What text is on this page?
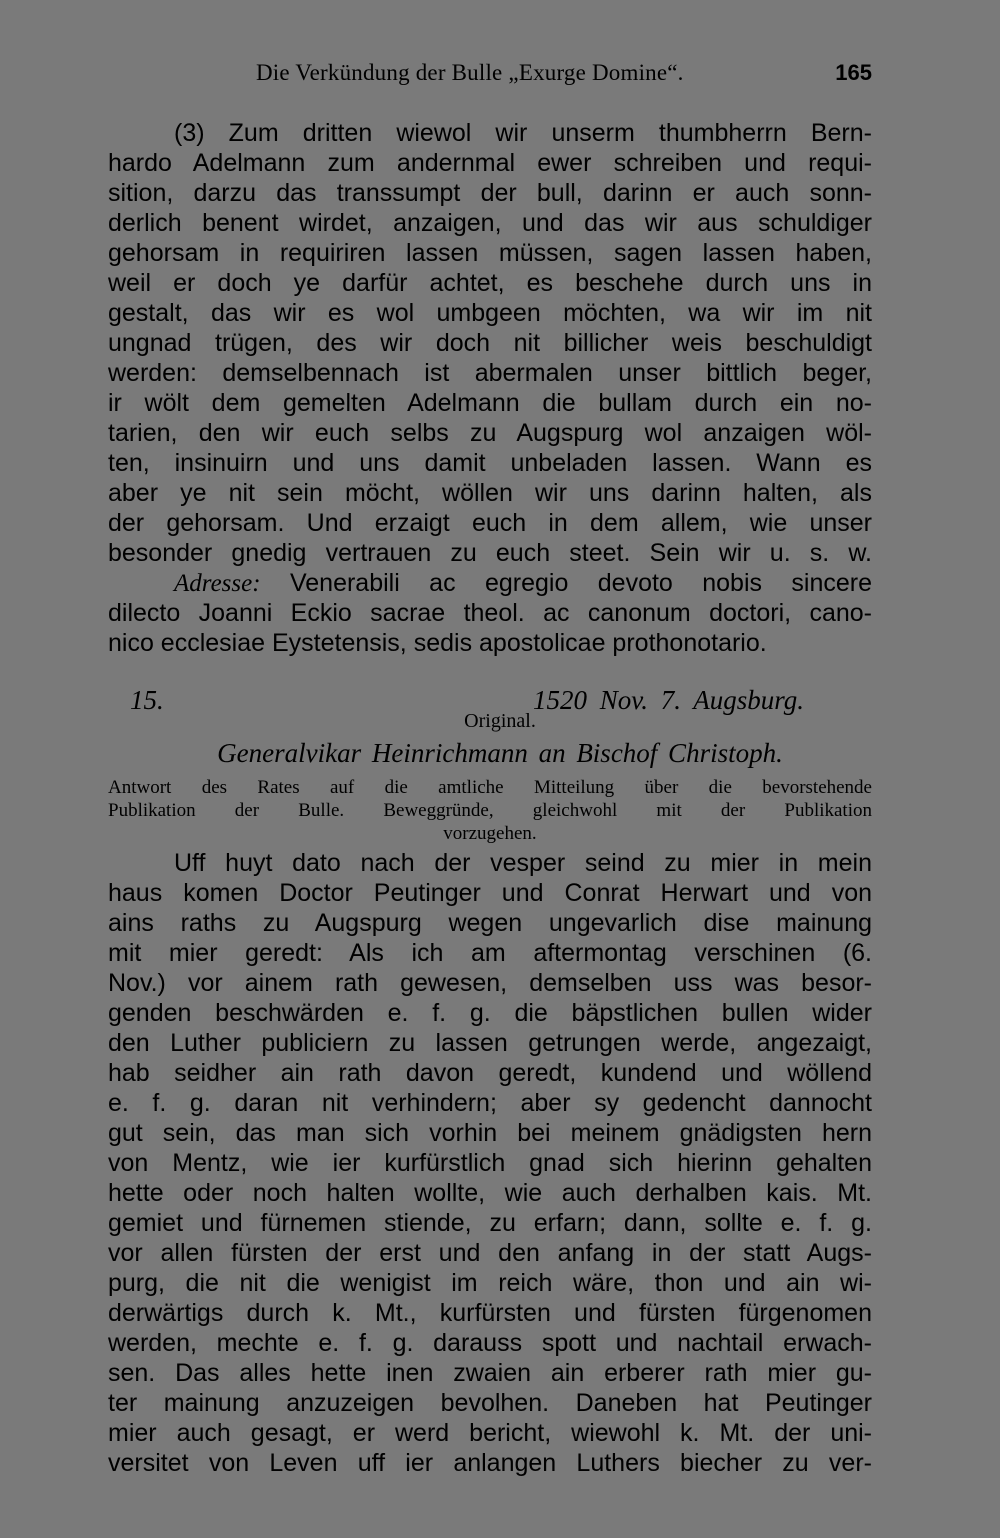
Die Verkündung der Bulle „Exurge Domine“.	165
(3) Zum dritten wiewol wir unserm thumbherrn Bern-
hardo Adelmann zum andernmal ewer schreiben und requi-
sition, darzu das transsumpt der bull, darinn er auch sonn-
derlich benent wirdet, anzaigen, und das wir aus schuldiger
gehorsam in requiriren lassen müssen, sagen lassen haben,
weil er doch ye darfür achtet, es beschehe durch uns in
gestalt, das wir es wol umbgeen möchten, wa wir im nit
ungnad trügen, des wir doch nit billicher weis beschuldigt
werden: demselbennach ist abermalen unser bittlich beger,
ir wölt dem gemelten Adelmann die bullam durch ein no-
tarien, den wir euch selbs zu Augspurg wol anzaigen wöl-
ten, insinuirn und uns damit unbeladen lassen. Wann es
aber ye nit sein möcht, wöllen wir uns darinn halten, als
der gehorsam. Und erzaigt euch in dem allem, wie unser
besonder gnedig vertrauen zu euch steet. Sein wir u. s. w.
Adresse: Venerabili ac egregio devoto nobis sincere
dilecto Joanni Eckio sacrae theol. ac canonum doctori, cano-
nico ecclesiae Eystetensis, sedis apostolicae prothonotario.
15.	1520 Nov. 7. Augsburg.
Original.
Generalvikar Heinrichmann an Bischof Christoph.
Antwort des Rates auf die amtliche Mitteilung über die bevorstehende
Publikation der Bulle. Beweggründe, gleichwohl mit der Publikation
vorzugehen.
Uff huyt dato nach der vesper seind zu mier in mein
haus komen Doctor Peutinger und Conrat Herwart und von
ains raths zu Augspurg wegen ungevarlich dise mainung
mit mier geredt: Als ich am aftermontag verschinen (6.
Nov.) vor ainem rath gewesen, demselben uss was besor-
genden beschwärden e. f. g. die bäpstlichen bullen wider
den Luther publiciern zu lassen getrungen werde, angezaigt,
hab seidher ain rath davon geredt, kundend und wöllend
e. f. g. daran nit verhindern; aber sy gedencht dannocht
gut sein, das man sich vorhin bei meinem gnädigsten hern
von Mentz, wie ier kurfürstlich gnad sich hierinn gehalten
hette oder noch halten wollte, wie auch derhalben kais. Mt.
gemiet und fürnemen stiende, zu erfarn; dann, sollte e. f. g.
vor allen fürsten der erst und den anfang in der statt Augs-
purg, die nit die wenigist im reich wäre, thon und ain wi-
derwärtigs durch k. Mt., kurfürsten und fürsten fürgenomen
werden, mechte e. f. g. darauss spott und nachtail erwach-
sen. Das alles hette inen zwaien ain erberer rath mier gu-
ter mainung anzuzeigen bevolhen. Daneben hat Peutinger
mier auch gesagt, er werd bericht, wiewohl k. Mt. der uni-
versitet von Leven uff ier anlangen Luthers biecher zu ver-
